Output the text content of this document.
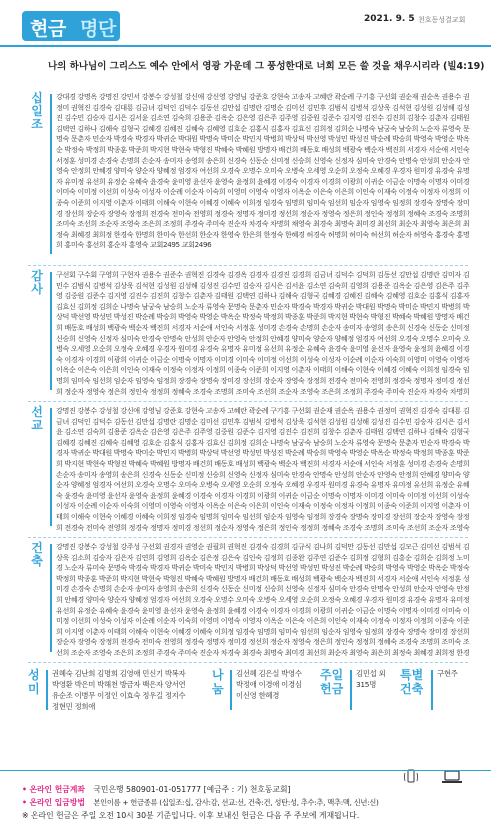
현금 명단	2021. 9. 5 천호동성결교회
나의 하나님이 그리스도 예수 안에서 영광 가운데 그 풍성한대로 너희 모든 쓸 것을 채우시리라 (빌4:19)
십
일
조
강대경 강명옥 강명진 강민서 강봉수 강성철 강신애 강신영 강영님 강준호 강현숙 고송자 고혜란 곽순례 구기흥 구선회 권순재 권순옥 권용수 권정미 권혁진 김경숙 김대룡 김금녀 김덕인 김덕수 김동선 김만섭 김명란 김명순 김미선 김민후 김범식 김병석 김상욱 김석현 김성원 김성해 김성진 김수민 김승자 김시은 김서윤 김소연 김숙희 김용준 김옥순 김은영 김은주 김주영 김중원 김준수 김지영 김진수 김진희 김창수 김춘자 김태원 김택연 김하나 김해숙 김형국 김혜경 김혜진 김혜숙 김혜영 김호순 김홍식 김홍자 김효신 김희정 김희순 나명숙 남궁숙 남승희 노순자 류영숙 문명숙 문춘자 민순자 박경숙 박경자 박귀순 박대원 박명숙 박미순 박민지 박병희 박상덕 박선영 박성민 박성진 박순례 박승희 박영숙 박영순 박옥순 박정숙 박정희 박종훈 박준희 박지현 박현숙 박형진 박혜숙 박혜원 방명자 배건희 배동호 배성희 백광숙 백순자 백진희 서경자 서순애 서인숙 서정훈 성미경 손경숙 손명희 손순자 송미자 송영희 송은희 신경숙 신동순 신미정 신승희 신영숙 신정자 심미숙 안경숙 안명숙 안성희 안순자 안영숙 안정희 안혜경 양미숙 양순자 양혜정 엄경자 여선희 오경숙 오명수 오미숙 오병숙 오세영 오순희 오정숙 오혜경 우경자 원미경 유경숙 유명자 유미정 유선희 유정순 유혜숙 윤경숙 윤미영 윤선자 윤영숙 윤정희 윤혜경 이경숙 이경자 이경희 이광희 이귀순 이금순 이명숙 이명자 이미경 이미숙 이미정 이선희 이성숙 이성자 이순례 이순자 이숙희 이영미 이영숙 이영자 이옥순 이은숙 이은희 이인숙 이재숙 이정숙 이정자 이정희 이종숙 이준희 이지영 이춘자 이태희 이해숙 이현숙 이혜경 이혜숙 이희정 임경숙 임명희 임미숙 임선희 임순자 임영숙 임정희 장경숙 장명숙 장미경 장선희 장순자 장영숙 장정희 전경숙 전미숙 전영희 정경숙 정명자 정미경 정선희 정순자 정영숙 정은희 정인숙 정정희 정혜숙 조경숙 조명희 조미숙 조선희 조순자 조영숙 조은희 조정희 주경숙 주미숙 진순자 차경숙 차명희 채영숙 최경숙 최명숙 최미경 최선희 최순자 최영숙 최은희 최정숙 최혜경 최희정 한경숙 한명희 한미숙 한선희 한순자 한영숙 한은희 한정숙 한혜경 허경숙 허명희 허미숙 허선희 허순자 허영숙 홍경숙 홍명희 홍미숙 홍선희 홍순자 홍영숙 교회2495 교회2496
감
사
구선회 구수회 구영희 구현자 권용수 권준수 권혁진 김경숙 김경옥 김경자 김경진 김경희 김금녀 김덕수 김덕희 김동선 김만섭 김명란 김미자 김민수 김범식 김병석 김상욱 김석현 김성원 김성해 김성진 김수민 김승자 김시은 김서윤 김소연 김숙희 김영희 김용준 김옥순 김은영 김은주 김주영 김중원 김준수 김지영 김진수 김진희 김창수 김춘자 김태원 김택연 김하나 김해숙 김형국 김혜경 김혜진 김혜숙 김혜영 김호순 김홍식 김홍자 김효신 김희정 김희순 나명숙 남궁숙 남승희 노순자 류영숙 문명숙 문춘자 민순자 박경숙 박경자 박귀순 박대원 박명숙 박미순 박민지 박병희 박상덕 박선영 박성민 박성진 박순례 박승희 박영숙 박영순 박옥순 박정숙 박정희 박종훈 박준희 박지현 박현숙 박형진 박혜숙 박혜원 방명자 배건희 배동호 배성희 백광숙 백순자 백진희 서경자 서순애 서인숙 서정훈 성미경 손경숙 손명희 손순자 송미자 송영희 송은희 신경숙 신동순 신미정 신승희 신영숙 신정자 심미숙 안경숙 안명숙 안성희 안순자 안영숙 안정희 안혜경 양미숙 양순자 양혜정 엄경자 여선희 오경숙 오명수 오미숙 오병숙 오세영 오순희 오정숙 오혜경 우경자 원미경 유경숙 유명자 유미정 유선희 유정순 유혜숙 윤경숙 윤미영 윤선자 윤영숙 윤정희 윤혜경 이경숙 이경자 이경희 이광희 이귀순 이금순 이명숙 이명자 이미경 이미숙 이미정 이선희 이성숙 이성자 이순례 이순자 이숙희 이영미 이영숙 이영자 이옥순 이은숙 이은희 이인숙 이재숙 이정숙 이정자 이정희 이종숙 이준희 이지영 이춘자 이태희 이해숙 이현숙 이혜경 이혜숙 이희정 임경숙 임명희 임미숙 임선희 임순자 임영숙 임정희 장경숙 장명숙 장미경 장선희 장순자 장영숙 장정희 전경숙 전미숙 전영희 정경숙 정명자 정미경 정선희 정순자 정영숙 정은희 정인숙 정정희 정혜숙 조경숙 조명희 조미숙 조선희 조순자 조영숙 조은희 조정희 주경숙 주미숙 진순자 차경숙 차명희
선
교
강명진 강봉수 강성철 강신애 강영님 강준호 강현숙 고송자 고혜란 곽순례 구기흥 구선회 권순재 권순옥 권용수 권정미 권혁진 김경숙 김대룡 김금녀 김덕인 김덕수 김동선 김만섭 김명란 김명순 김미선 김민후 김범식 김병석 김상욱 김석현 김성원 김성해 김성진 김수민 김승자 김시은 김서윤 김소연 김숙희 김용준 김옥순 김은영 김은주 김주영 김중원 김준수 김지영 김진수 김진희 김창수 김춘자 김태원 김택연 김하나 김해숙 김형국 김혜경 김혜진 김혜숙 김혜영 김호순 김홍식 김홍자 김효신 김희정 김희순 나명숙 남궁숙 남승희 노순자 류영숙 문명숙 문춘자 민순자 박경숙 박경자 박귀순 박대원 박명숙 박미순 박민지 박병희 박상덕 박선영 박성민 박성진 박순례 박승희 박영숙 박영순 박옥순 박정숙 박정희 박종훈 박준희 박지현 박현숙 박형진 박혜숙 박혜원 방명자 배건희 배동호 배성희 백광숙 백순자 백진희 서경자 서순애 서인숙 서정훈 성미경 손경숙 손명희 손순자 송미자 송영희 송은희 신경숙 신동순 신미정 신승희 신영숙 신정자 심미숙 안경숙 안명숙 안성희 안순자 안영숙 안정희 안혜경 양미숙 양순자 양혜정 엄경자 여선희 오경숙 오명수 오미숙 오병숙 오세영 오순희 오정숙 오혜경 우경자 원미경 유경숙 유명자 유미정 유선희 유정순 유혜숙 윤경숙 윤미영 윤선자 윤영숙 윤정희 윤혜경 이경숙 이경자 이경희 이광희 이귀순 이금순 이명숙 이명자 이미경 이미숙 이미정 이선희 이성숙 이성자 이순례 이순자 이숙희 이영미 이영숙 이영자 이옥순 이은숙 이은희 이인숙 이재숙 이정숙 이정자 이정희 이종숙 이준희 이지영 이춘자 이태희 이해숙 이현숙 이혜경 이혜숙 이희정 임경숙 임명희 임미숙 임선희 임순자 임영숙 임정희 장경숙 장명숙 장미경 장선희 장순자 장영숙 장정희 전경숙 전미숙 전영희 정경숙 정명자 정미경 정선희 정순자 정영숙 정은희 정인숙 정정희 정혜숙 조경숙 조명희 조미숙 조선희 조순자 조영숙
건
축
강명진 강봉수 강성철 강주성 구선회 권경자 권영순 권필희 권혁진 김경숙 김경희 김규식 김나희 김덕만 김동선 김만섭 김모근 김미선 김범석 김상욱 김소희 김승자 김은자 김연희 김영희 김옥순 김은정 김은숙 김인숙 김정희 김종완 김주연 김준수 김희정 김형희 김흥순 김희순 김희정 노미경 노순자 류미숙 문명숙 박경숙 박경자 박귀순 박미숙 박민지 박병희 박상덕 박선영 박성민 박성진 박순례 박승희 박영숙 박영순 박옥순 박정숙 박정희 박종훈 박준희 박지현 박현숙 박형진 박혜숙 박혜원 방명자 배건희 배동호 배성희 백광숙 백순자 백진희 서경자 서순애 서인숙 서정훈 성미경 손경숙 손명희 손순자 송미자 송영희 송은희 신경숙 신동순 신미정 신승희 신영숙 신정자 심미숙 안경숙 안명숙 안성희 안순자 안영숙 안정희 안혜경 양미숙 양순자 양혜정 엄경자 여선희 오경숙 오명수 오미숙 오병숙 오세영 오순희 오정숙 오혜경 우경자 원미경 유경숙 유명자 유미정 유선희 유정순 유혜숙 윤경숙 윤미영 윤선자 윤영숙 윤정희 윤혜경 이경숙 이경자 이경희 이광희 이귀순 이금순 이명숙 이명자 이미경 이미숙 이미정 이선희 이성숙 이성자 이순례 이순자 이숙희 이영미 이영숙 이영자 이옥순 이은숙 이은희 이인숙 이재숙 이정숙 이정자 이정희 이종숙 이준희 이지영 이춘자 이태희 이해숙 이현숙 이혜경 이혜숙 이희정 임경숙 임명희 임미숙 임선희 임순자 임영숙 임정희 장경숙 장명숙 장미경 장선희 장순자 장영숙 장정희 전경숙 전미숙 전영희 정경숙 정명자 정미경 정선희 정순자 정영숙 정은희 정인숙 정정희 정혜숙 조경숙 조명희 조미숙 조선희 조순자 조영숙 조은희 조정희 주경숙 주미숙 진순자 차경숙 최경숙 최명숙 최미경 최선희 최순자 최영숙 최은희 최정숙 최혜경 최희정 한경
성
미
권혜숙 김난희 김명희 김영애 민신기 박복자
박영환 박은미 박해천 방금자 백은자 양서연
유순조 이병무 이정인 이효숙 정우길 정지수
정현민 정희애
나
눔
김선혜 김은실 박영수
박정애 이경애 이경심
이신영 한혜경
주일
헌금
김민섭 외
315명
특별
건축
구현주
• 온라인 헌금계좌 국민은행 580901-01-051777 [예금주 : 기) 천호동교회]
• 온라인 입금방법 본인이름 + 헌금종류 (십일조:십, 감사:감, 선교:선, 건축:건, 성탄:성, 추수:추, 맥추:맥, 신년:신)
※ 온라인 헌금은 주일 오전 10시 30분 기준입니다. 이후 보내신 헌금은 다음 주 주보에 게재됩니다.
